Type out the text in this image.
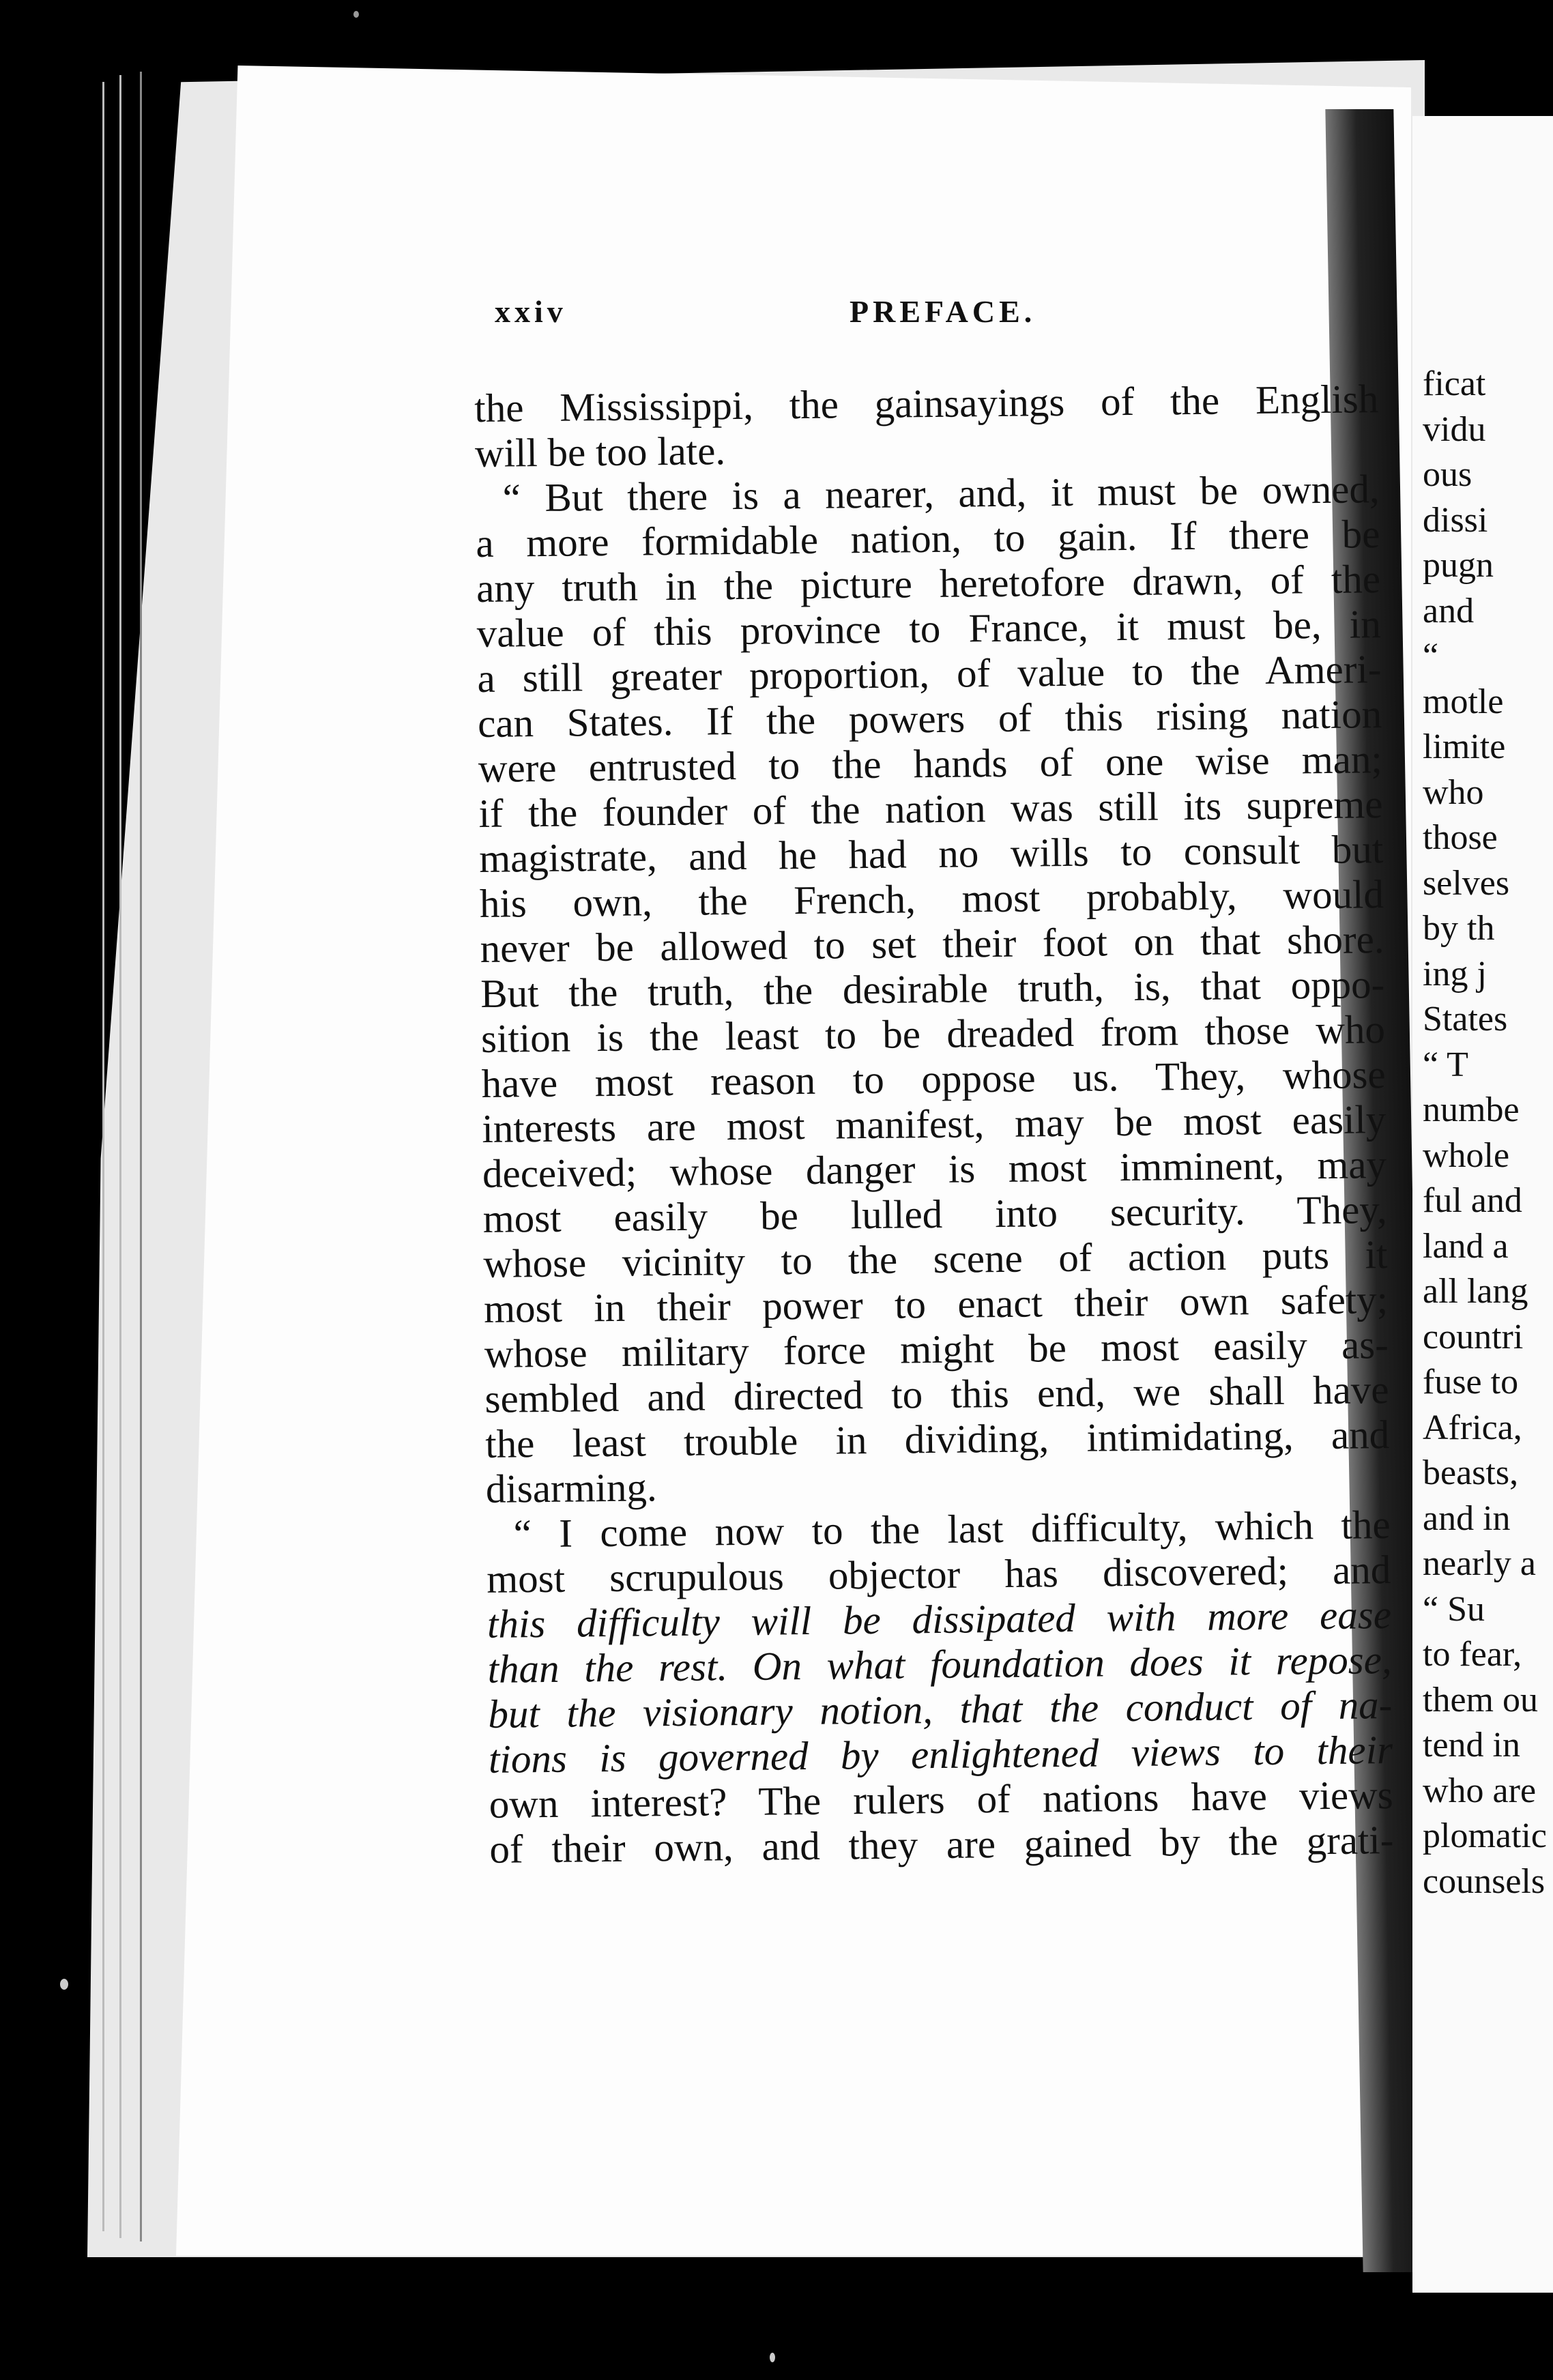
ficat
vidu
ous
dissi
pugn
and
“
motle
limite
who
those
selves
by th
ing j
States
“ T
numbe
whole
ful and
land a
all lang
countri
fuse to
Africa,
beasts,
and in
nearly a
“ Su
to fear,
them ou
tend in
who are
plomatic
counsels
xxiv	PREFACE.
the Mississippi, the gainsayings of the English
will be too late.
“ But there is a nearer, and, it must be owned,
a more formidable nation, to gain. If there be
any truth in the picture heretofore drawn, of the
value of this province to France, it must be, in
a still greater proportion, of value to the Ameri-
can States. If the powers of this rising nation
were entrusted to the hands of one wise man;
if the founder of the nation was still its supreme
magistrate, and he had no wills to consult but
his own, the French, most probably, would
never be allowed to set their foot on that shore.
But the truth, the desirable truth, is, that oppo-
sition is the least to be dreaded from those who
have most reason to oppose us. They, whose
interests are most manifest, may be most easily
deceived; whose danger is most imminent, may
most easily be lulled into security. They,
whose vicinity to the scene of action puts it
most in their power to enact their own safety;
whose military force might be most easily as-
sembled and directed to this end, we shall have
the least trouble in dividing, intimidating, and
disarming.
“ I come now to the last difficulty, which the
most scrupulous objector has discovered; and
this difficulty will be dissipated with more ease
than the rest. On what foundation does it repose,
but the visionary notion, that the conduct of na-
tions is governed by enlightened views to their
own interest? The rulers of nations have views
of their own, and they are gained by the grati-
